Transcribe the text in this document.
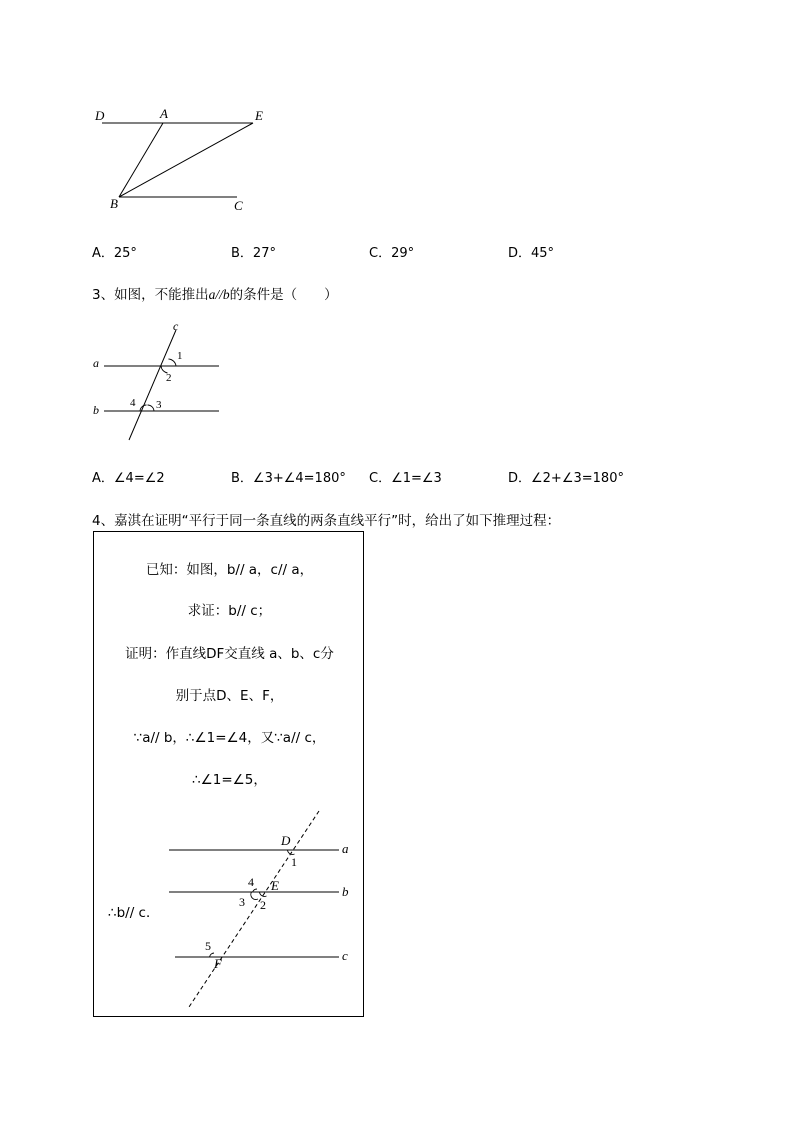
D	A	E
B	C
A．25°	B．27°	C．29°	D．45°
3、如图，不能推出a//b的条件是（　　）
c
a
b
1
2
3
4
A．∠4=∠2	B．∠3+∠4=180° C．∠1=∠3	D．∠2+∠3=180°
4、嘉淇在证明“平行于同一条直线的两条直线平行”时，给出了如下推理过程：
已知：如图，b// a，c// a，
求证：b// c；
证明：作直线DF交直线 a、b、c分
别于点D、E、F，
∵a// b，∴∠1=∠4，又∵a// c，
∴∠1=∠5，
∴b// c．
D
a
1
4 E	b
3 2
5
F
c
